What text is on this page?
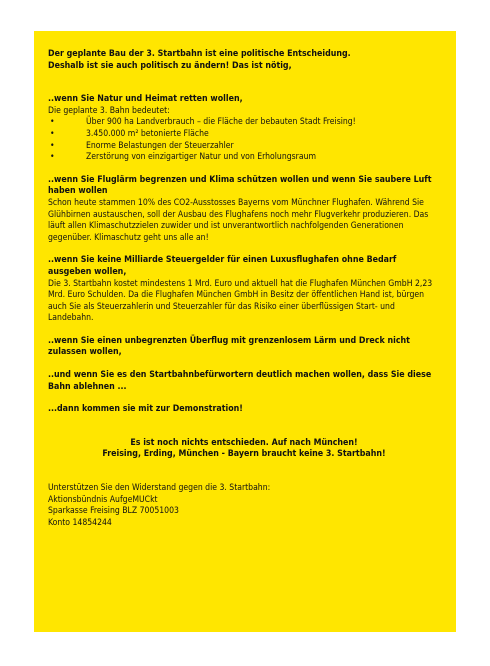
Der geplante Bau der 3. Startbahn ist eine politische Entscheidung.

Deshalb ist sie auch politisch zu ändern! Das ist nötig,

..wenn Sie Natur und Heimat retten wollen,

Die geplante 3. Bahn bedeutet:

•	Über 900 ha Landverbrauch – die Fläche der bebauten Stadt Freising!
•	3.450.000 m² betonierte Fläche
•	Enorme Belastungen der Steuerzahler
•	Zerstörung von einzigartiger Natur und von Erholungsraum

..wenn Sie Fluglärm begrenzen und Klima schützen wollen und wenn Sie saubere Luft haben wollen

Schon heute stammen 10% des CO2-Ausstosses Bayerns vom Münchner Flughafen. Während Sie Glühbirnen austauschen, soll der Ausbau des Flughafens noch mehr Flugverkehr produzieren. Das läuft allen Klimaschutzzielen zuwider und ist unverantwortlich nachfolgenden Generationen gegenüber. Klimaschutz geht uns alle an!

..wenn Sie keine Milliarde Steuergelder für einen Luxusflughafen ohne Bedarf ausgeben wollen,

Die 3. Startbahn kostet mindestens 1 Mrd. Euro und aktuell hat die Flughafen München GmbH 2,23 Mrd. Euro Schulden. Da die Flughafen München GmbH in Besitz der öffentlichen Hand ist, bürgen auch Sie als Steuerzahlerin und Steuerzahler für das Risiko einer überflüssigen Start- und Landebahn.

..wenn Sie einen unbegrenzten Überflug mit grenzenlosem Lärm und Dreck nicht zulassen wollen,

..und wenn Sie es den Startbahnbefürwortern deutlich machen wollen, dass Sie diese Bahn ablehnen ...

...dann kommen sie mit zur Demonstration!

Es ist noch nichts entschieden. Auf nach München!

Freising, Erding, München - Bayern braucht keine 3. Startbahn!

Unterstützen Sie den Widerstand gegen die 3. Startbahn:

Aktionsbündnis AufgeMUCkt

Sparkasse Freising BLZ 70051003

Konto 14854244
